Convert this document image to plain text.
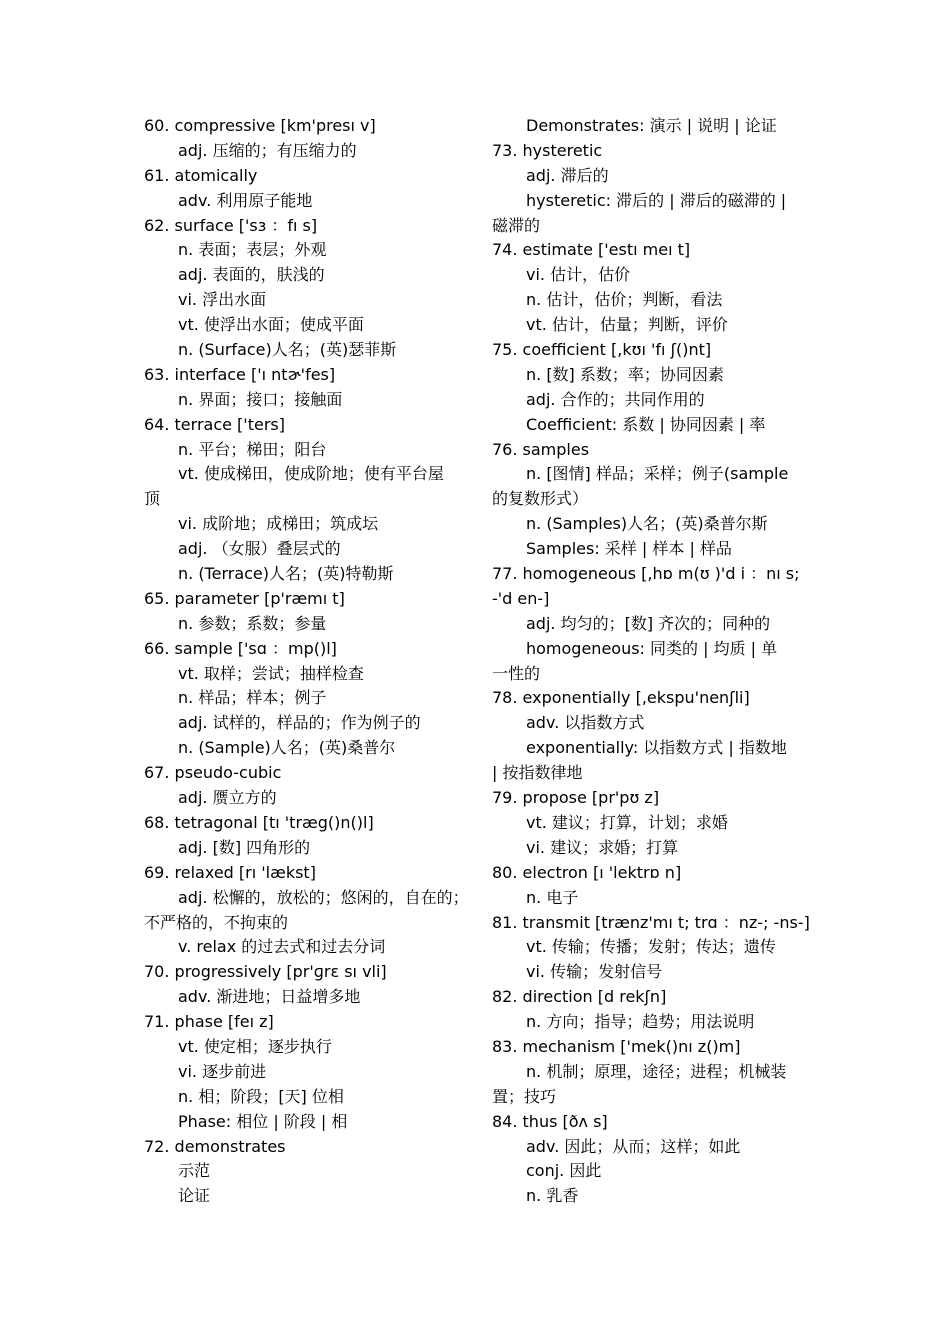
60. compressive [k⁠m'presı v]
adj. 压缩的；有压缩力的
61. atomically
adv. 利用原子能地
62. surface ['sɜ ：fı s]
n. 表面；表层；外观
adj. 表面的，肤浅的
vi. 浮出水面
vt. 使浮出水面；使成平面
n. (Surface)人名；(英)瑟菲斯
63. interface ['ı ntɚ'fes]
n. 界面；接口；接触面
64. terrace ['ter⁠s]
n. 平台；梯田；阳台
vt. 使成梯田，使成阶地；使有平台屋
顶
vi. 成阶地；成梯田；筑成坛
adj. （女服）叠层式的
n. (Terrace)人名；(英)特勒斯
65. parameter [p⁠'ræmı t⁠]
n. 参数；系数；参量
66. sample ['sɑ ：mp(⁠)l]
vt. 取样；尝试；抽样检查
n. 样品；样本；例子
adj. 试样的，样品的；作为例子的
n. (Sample)人名；(英)桑普尔
67. pseudo-cubic
adj. 赝立方的
68. tetragonal [tı 'træg(⁠)n(⁠)l]
adj. [数] 四角形的
69. relaxed [rı 'lækst]
adj. 松懈的，放松的；悠闲的，自在的；
不严格的，不拘束的
v. relax 的过去式和过去分词
70. progressively [pr⁠'ɡrɛ sı vli]
adv. 渐进地；日益增多地
71. phase [feı z]
vt. 使定相；逐步执行
vi. 逐步前进
n. 相；阶段；[天] 位相
Phase: 相位 | 阶段 | 相
72. demonstrates
示范
论证
Demonstrates: 演示 | 说明 | 论证
73. hysteretic
adj. 滞后的
hysteretic: 滞后的 | 滞后的磁滞的 |
磁滞的
74. estimate ['estı meı t]
vi. 估计，估价
n. 估计，估价；判断，看法
vt. 估计，估量；判断，评价
75. coefficient [,k⁠ʊı 'fı ʃ(⁠)nt]
n. [数] 系数；率；协同因素
adj. 合作的；共同作用的
Coefficient: 系数 | 协同因素 | 率
76. samples
n. [图情] 样品；采样；例子(sample
的复数形式）
n. (Samples)人名；(英)桑普尔斯
Samples: 采样 | 样本 | 样品
77. homogeneous [,hɒ m⁠(ʊ )'d i ：nı ⁠s;
-'d en-]
adj. 均匀的；[数] 齐次的；同种的
homogeneous: 同类的 | 均质 | 单
一性的
78. exponentially [,eksp⁠u'nenʃ⁠li]
adv. 以指数方式
exponentially: 以指数方式 | 指数地
| 按指数律地
79. propose [pr⁠'p⁠ʊ z]
vt. 建议；打算，计划；求婚
vi. 建议；求婚；打算
80. electron [ı 'lektrɒ n]
n. 电子
81. transmit [trænz'mı t; trɑ ：nz-; -ns-]
vt. 传输；传播；发射；传达；遗传
vi. 传输；发射信号
82. direction [d⁠ ⁠rekʃn]
n. 方向；指导；趋势；用法说明
83. mechanism ['mek(⁠)nı z(⁠)m]
n. 机制；原理，途径；进程；机械装
置；技巧
84. thus [ðʌ s]
adv. 因此；从而；这样；如此
conj. 因此
n. 乳香
